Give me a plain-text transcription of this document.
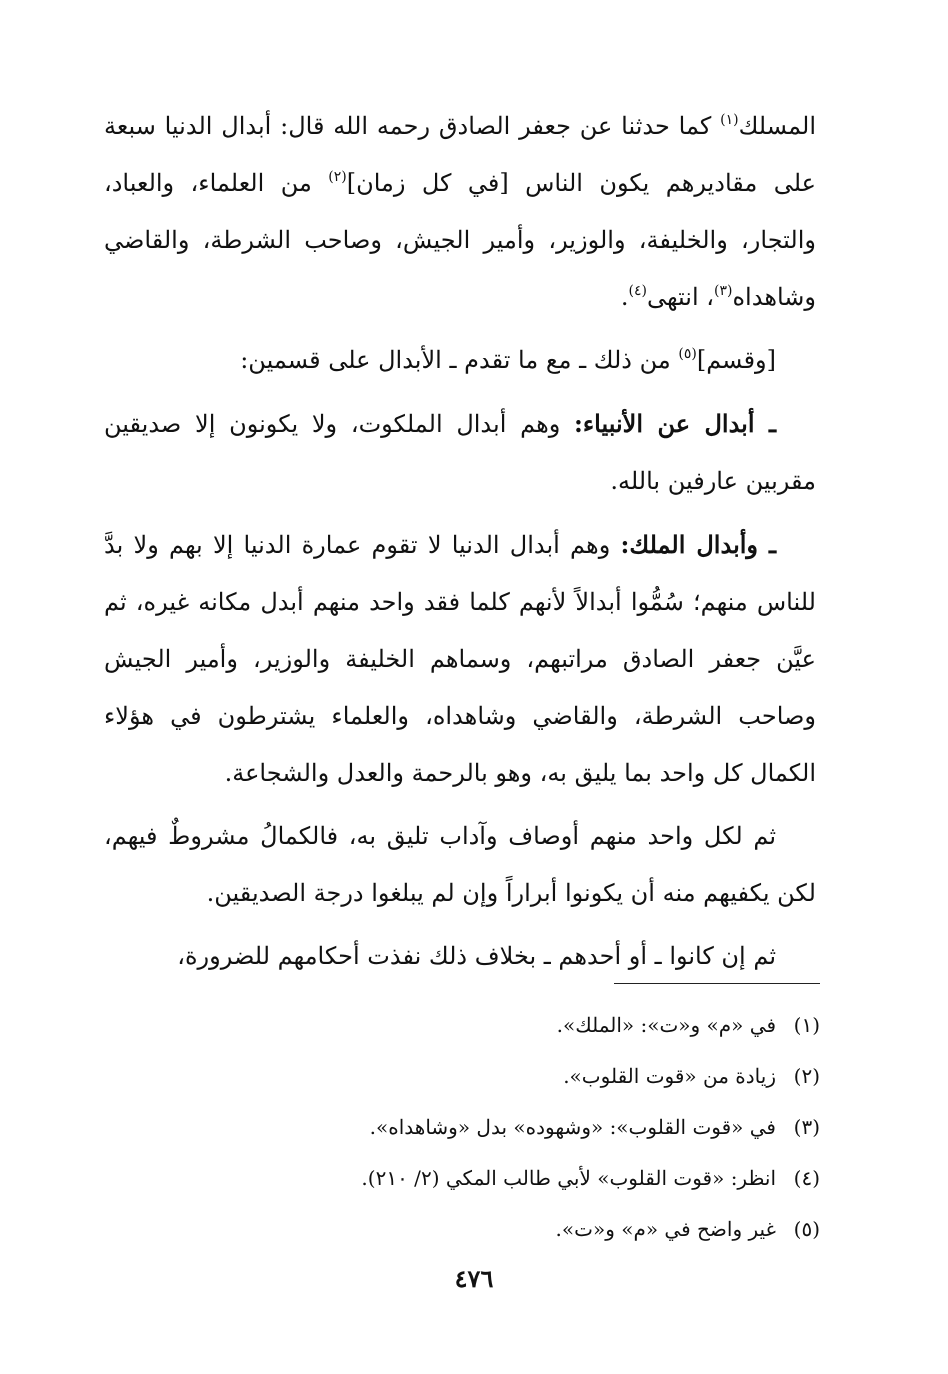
المسلك$^{(١)}$ كما حدثنا عن جعفر الصادق رحمه الله قال: أبدال الدنيا سبعة على مقاديرهم يكون الناس [في كل زمان]$^{(٢)}$ من العلماء، والعباد، والتجار، والخليفة، والوزير، وأمير الجيش، وصاحب الشرطة، والقاضي وشاهداه$^{(٣)}$، انتهى$^{(٤)}$.

[وقسم]$^{(٥)}$ من ذلك ـ مع ما تقدم ـ الأبدال على قسمين:

ـ أبدال عن الأنبياء: وهم أبدال الملكوت، ولا يكونون إلا صديقين مقربين عارفين بالله.

ـ وأبدال الملك: وهم أبدال الدنيا لا تقوم عمارة الدنيا إلا بهم ولا بدَّ للناس منهم؛ سُمُّوا أبدالاً لأنهم كلما فقد واحد منهم أبدل مكانه غيره، ثم عيَّن جعفر الصادق مراتبهم، وسماهم الخليفة والوزير، وأمير الجيش وصاحب الشرطة، والقاضي وشاهداه، والعلماء يشترطون في هؤلاء الكمال كل واحد بما يليق به، وهو بالرحمة والعدل والشجاعة.

ثم لكل واحد منهم أوصاف وآداب تليق به، فالكمالُ مشروطٌ فيهم، لكن يكفيهم منه أن يكونوا أبراراً وإن لم يبلغوا درجة الصديقين.

ثم إن كانوا ـ أو أحدهم ـ بخلاف ذلك نفذت أحكامهم للضرورة،

(١)
في «م» و«ت»: «الملك».
(٢)
زيادة من «قوت القلوب».
(٣)
في «قوت القلوب»: «وشهوده» بدل «وشاهداه».
(٤)
انظر: «قوت القلوب» لأبي طالب المكي (٢/ ٢١٠).
(٥)
غير واضح في «م» و«ت».
٤٧٦
